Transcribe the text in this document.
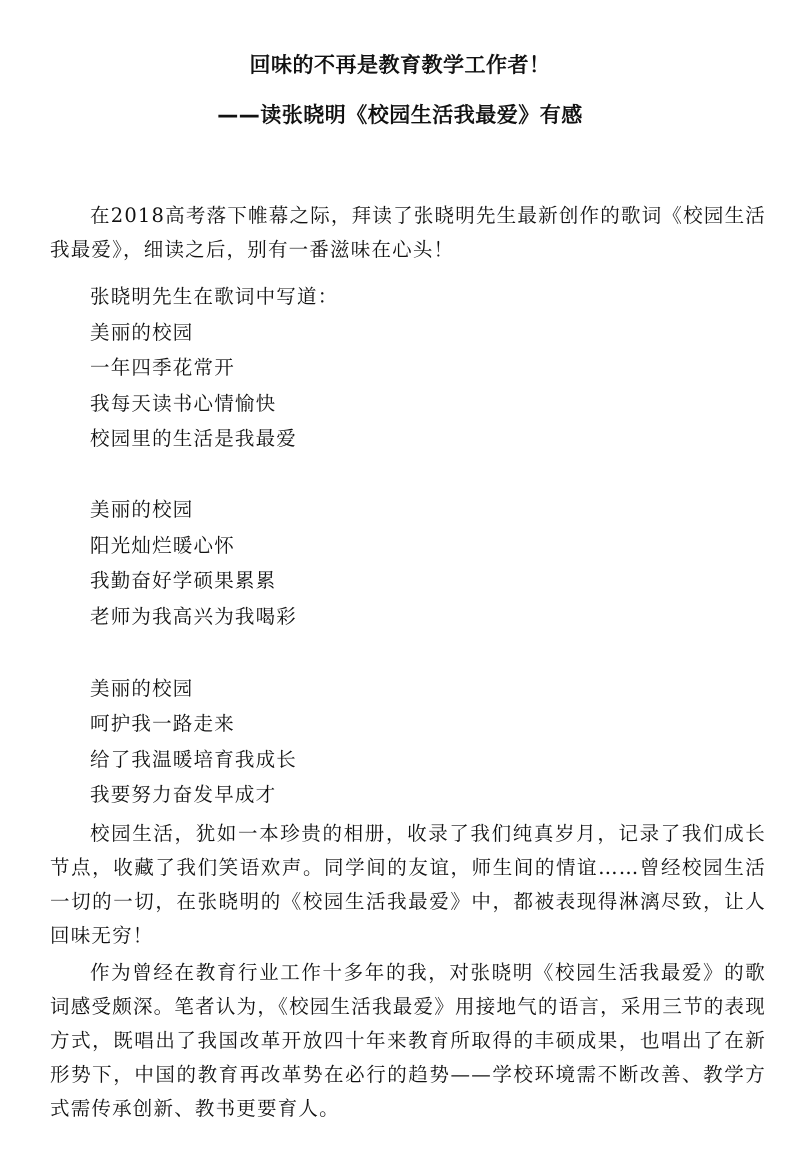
回味的不再是教育教学工作者！
——读张晓明《校园生活我最爱》有感
在2018高考落下帷幕之际，拜读了张晓明先生最新创作的歌词《校园生活我最爱》，细读之后，别有一番滋味在心头！
张晓明先生在歌词中写道：
美丽的校园
一年四季花常开
我每天读书心情愉快
校园里的生活是我最爱
美丽的校园
阳光灿烂暖心怀
我勤奋好学硕果累累
老师为我高兴为我喝彩
美丽的校园
呵护我一路走来
给了我温暖培育我成长
我要努力奋发早成才
校园生活，犹如一本珍贵的相册，收录了我们纯真岁月，记录了我们成长节点，收藏了我们笑语欢声。同学间的友谊，师生间的情谊……曾经校园生活一切的一切，在张晓明的《校园生活我最爱》中，都被表现得淋漓尽致，让人回味无穷！
作为曾经在教育行业工作十多年的我，对张晓明《校园生活我最爱》的歌词感受颇深。笔者认为，《校园生活我最爱》用接地气的语言，采用三节的表现方式，既唱出了我国改革开放四十年来教育所取得的丰硕成果，也唱出了在新形势下，中国的教育再改革势在必行的趋势——学校环境需不断改善、教学方式需传承创新、教书更要育人。
